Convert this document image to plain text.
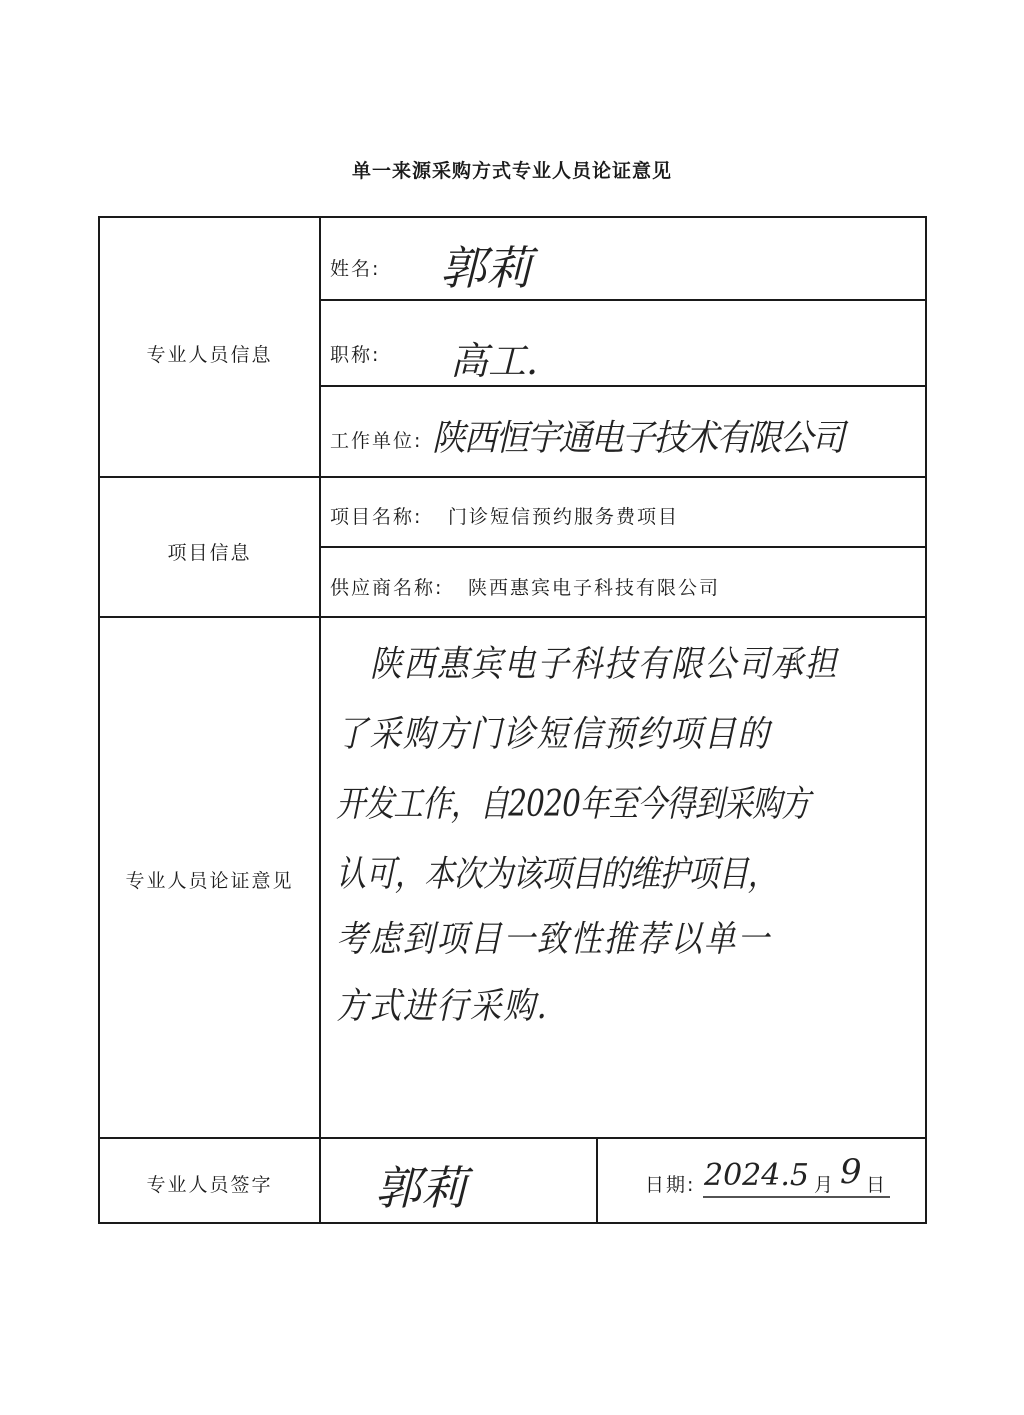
单一来源采购方式专业人员论证意见
专业人员信息
姓名: 郭莉
职称: 高工.
工作单位: 陕西恒宇通电子技术有限公司
项目信息
项目名称: 门诊短信预约服务费项目
供应商名称: 陕西惠宾电子科技有限公司
专业人员论证意见
陕西惠宾电子科技有限公司承担
了采购方门诊短信预约项目的
开发工作，自2020年至今得到采购方
认可，本次为该项目的维护项目，
考虑到项目一致性推荐以单一
方式进行采购.
专业人员签字	郭莉	日期: 2024.5 月 9 日
